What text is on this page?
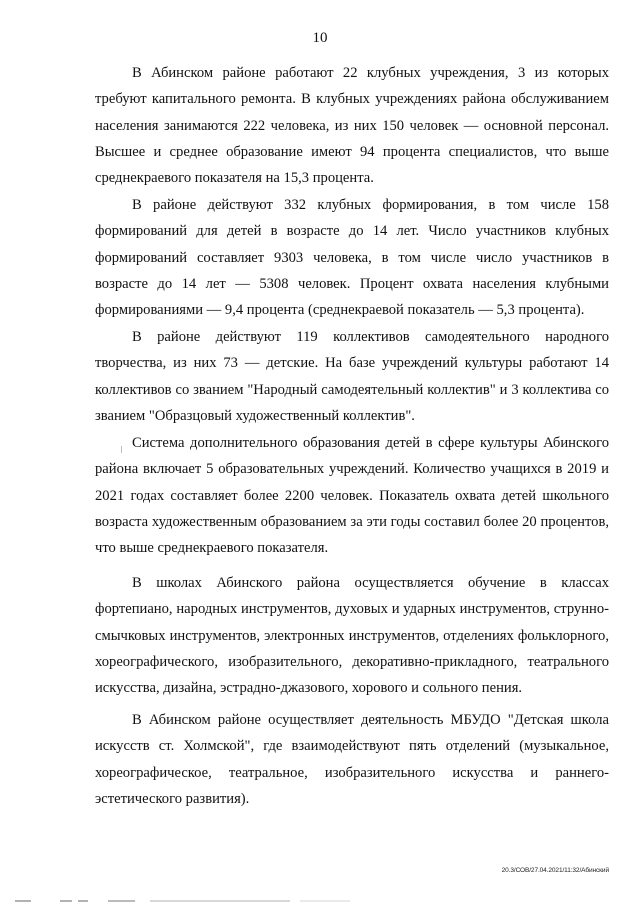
10

В Абинском районе работают 22 клубных учреждения, 3 из которых требуют капитального ремонта. В клубных учреждениях района обслуживанием населения занимаются 222 человека, из них 150 человек — основной персонал. Высшее и среднее образование имеют 94 процента специалистов, что выше среднекраевого показателя на 15,3 процента.

В районе действуют 332 клубных формирования, в том числе 158 формирований для детей в возрасте до 14 лет. Число участников клубных формирований составляет 9303 человека, в том числе число участников в возрасте до 14 лет — 5308 человек. Процент охвата населения клубными формированиями — 9,4 процента (среднекраевой показатель — 5,3 процента).

В районе действуют 119 коллективов самодеятельного народного творчества, из них 73 — детские. На базе учреждений культуры работают 14 коллективов со званием "Народный самодеятельный коллектив" и 3 коллектива со званием "Образцовый художественный коллектив".

Система дополнительного образования детей в сфере культуры Абинского района включает 5 образовательных учреждений. Количество учащихся в 2019 и 2021 годах составляет более 2200 человек. Показатель охвата детей школьного возраста художественным образованием за эти годы составил более 20 процентов, что выше среднекраевого показателя.

В школах Абинского района осуществляется обучение в классах фортепиано, народных инструментов, духовых и ударных инструментов, струнно-смычковых инструментов, электронных инструментов, отделениях фольклорного, хореографического, изобразительного, декоративно-прикладного, театрального искусства, дизайна, эстрадно-джазового, хорового и сольного пения.

В Абинском районе осуществляет деятельность МБУДО "Детская школа искусств ст. Холмской", где взаимодействуют пять отделений (музыкальное, хореографическое, театральное, изобразительного искусства и раннего-эстетического развития).

20.3/СОВ/27.04.2021/11:32/Абинский
